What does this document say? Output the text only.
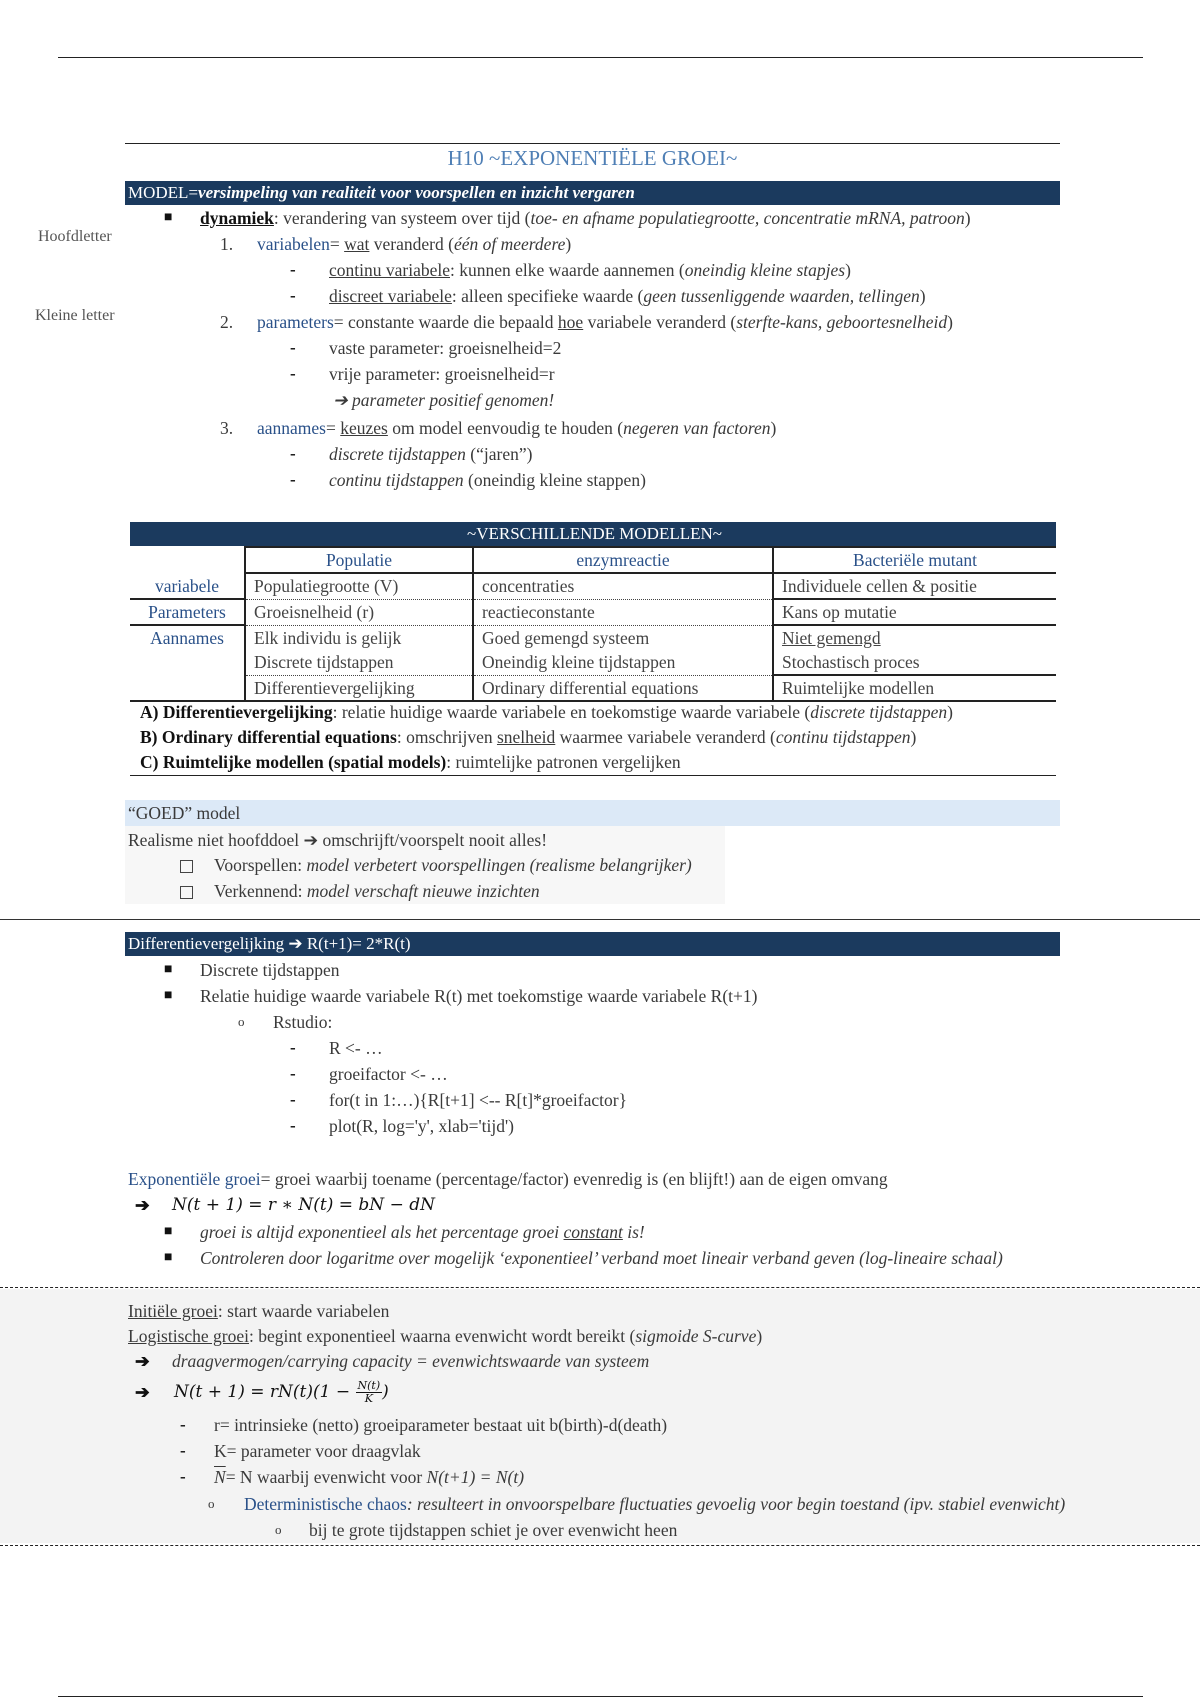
H10 ~EXPONENTIËLE GROEI~
Hoofdletter
Kleine letter
MODEL=versimpeling van realiteit voor voorspellen en inzicht vergaren
■ dynamiek: verandering van systeem over tijd (toe- en afname populatiegrootte, concentratie mRNA, patroon)
1. variabelen= wat veranderd (één of meerdere)
- continu variabele: kunnen elke waarde aannemen (oneindig kleine stapjes)
- discreet variabele: alleen specifieke waarde (geen tussenliggende waarden, tellingen)
2. parameters= constante waarde die bepaald hoe variabele veranderd (sterfte-kans, geboortesnelheid)
- vaste parameter: groeisnelheid=2
- vrije parameter: groeisnelheid=r
➔ parameter positief genomen!
3. aannames= keuzes om model eenvoudig te houden (negeren van factoren)
- discrete tijdstappen (“jaren”)
- continu tijdstappen (oneindig kleine stappen)
~VERSCHILLENDE MODELLEN~
	Populatie	enzymreactie	Bacteriële mutant
variabele	Populatiegrootte (V)	concentraties	Individuele cellen & positie
Parameters	Groeisnelheid (r)	reactieconstante	Kans op mutatie
Aannames	Elk individu is gelijk	Goed gemengd systeem	Niet gemengd
	Discrete tijdstappen	Oneindig kleine tijdstappen	Stochastisch proces
	Differentievergelijking	Ordinary differential equations	Ruimtelijke modellen
A) Differentievergelijking: relatie huidige waarde variabele en toekomstige waarde variabele (discrete tijdstappen)
B) Ordinary differential equations: omschrijven snelheid waarmee variabele veranderd (continu tijdstappen)
C) Ruimtelijke modellen (spatial models): ruimtelijke patronen vergelijken
“GOED” model
Realisme niet hoofddoel ➔ omschrijft/voorspelt nooit alles!
Voorspellen: model verbetert voorspellingen (realisme belangrijker)
Verkennend: model verschaft nieuwe inzichten
Differentievergelijking ➔ R(t+1)= 2*R(t)
■ Discrete tijdstappen
■ Relatie huidige waarde variabele R(t) met toekomstige waarde variabele R(t+1)
o Rstudio:
- R <- …
- groeifactor <- …
- for(t in 1:…){R[t+1] <-- R[t]*groeifactor}
- plot(R, log='y', xlab='tijd')
Exponentiële groei= groei waarbij toename (percentage/factor) evenredig is (en blijft!) aan de eigen omvang
➔ N(t + 1) = r ∗ N(t) = bN − dN
■ groei is altijd exponentieel als het percentage groei constant is!
■ Controleren door logaritme over mogelijk ‘exponentieel’ verband moet lineair verband geven (log-lineaire schaal)
Initiële groei: start waarde variabelen
Logistische groei: begint exponentieel waarna evenwicht wordt bereikt (sigmoide S-curve)
➔ draagvermogen/carrying capacity = evenwichtswaarde van systeem
➔ $N(t + 1) = rN(t)(1 - \frac{N(t)}{K}$ )
- r= intrinsieke (netto) groeiparameter bestaat uit b(birth)-d(death)
- K= parameter voor draagvlak
- $\overline{N}= N$ waarbij evenwicht voor N(t+1) = N(t)
o Deterministische chaos: resulteert in onvoorspelbare fluctuaties gevoelig voor begin toestand (ipv. stabiel evenwicht)
o bij te grote tijdstappen schiet je over evenwicht heen
